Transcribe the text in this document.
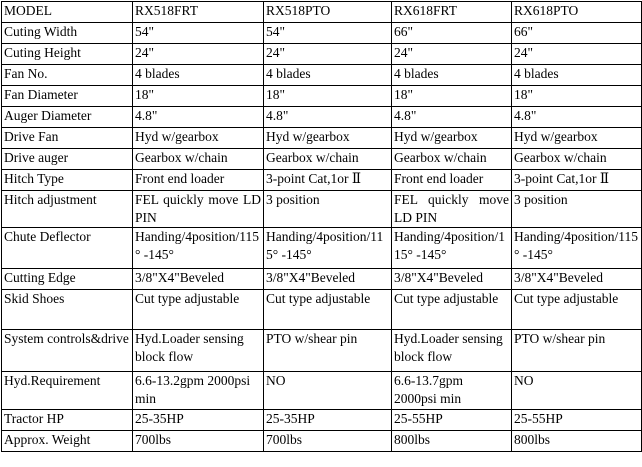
MODEL	RX518FRT	RX518PTO	RX618FRT	RX618PTO
Cuting Width	54"	54"	66"	66"
Cuting Height	24"	24"	24"	24"
Fan No.	4 blades	4 blades	4 blades	4 blades
Fan Diameter	18"	18"	18"	18"
Auger Diameter	4.8"	4.8"	4.8"	4.8"
Drive Fan	Hyd w/gearbox	Hyd w/gearbox	Hyd w/gearbox	Hyd w/gearbox
Drive auger	Gearbox w/chain	Gearbox w/chain	Gearbox w/chain	Gearbox w/chain
Hitch Type	Front end loader	3-point Cat,1or Ⅱ	Front end loader	3-point Cat,1or Ⅱ
Hitch adjustment	FEL quickly move LD PIN	3 position	FEL quickly move LD PIN	3 position
Chute Deflector	Handing/4position/115° -145°	Handing/4position/115° -145°	Handing/4position/115° -145°	Handing/4position/115° -145°
Cutting Edge	3/8"X4"Beveled	3/8"X4"Beveled	3/8"X4"Beveled	3/8"X4"Beveled
Skid Shoes	Cut type adjustable	Cut type adjustable	Cut type adjustable	Cut type adjustable
System controls&drive	Hyd.Loader sensing block flow	PTO w/shear pin	Hyd.Loader sensing block flow	PTO w/shear pin
Hyd.Requirement	6.6-13.2gpm 2000psi min	NO	6.6-13.7gpm 2000psi min	NO
Tractor HP	25-35HP	25-35HP	25-55HP	25-55HP
Approx. Weight	700lbs	700lbs	800lbs	800lbs
